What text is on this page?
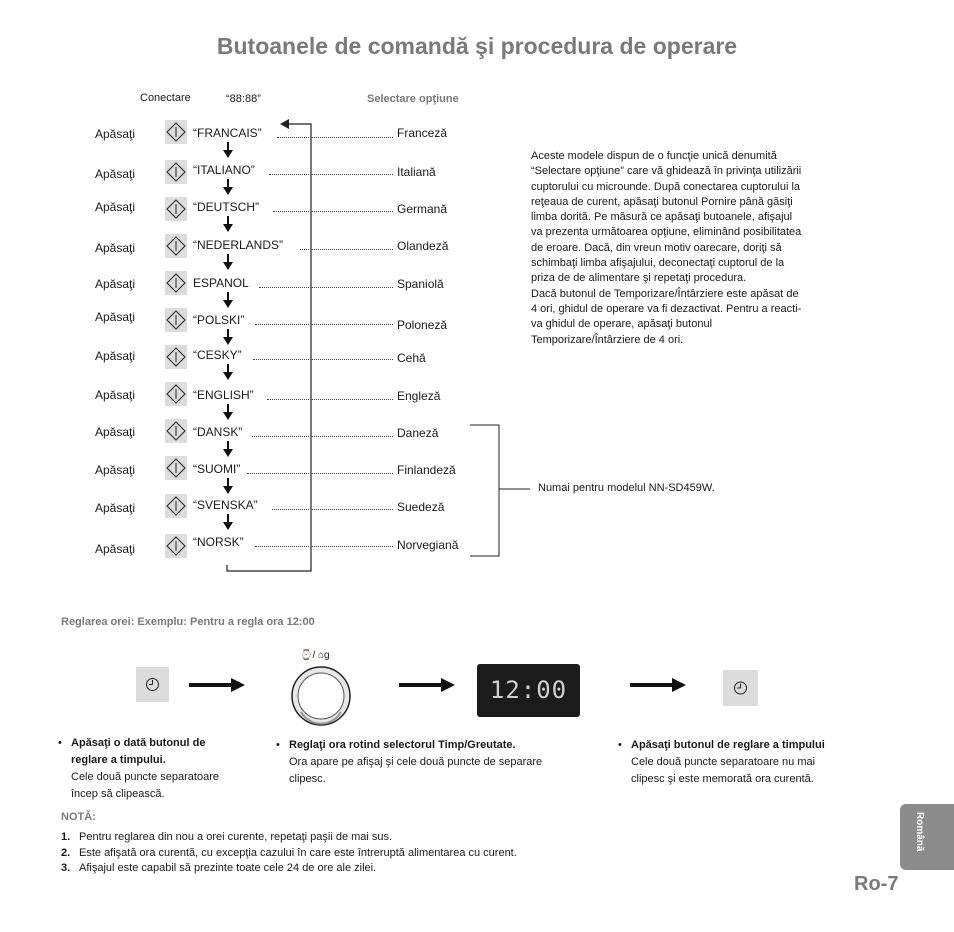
Butoanele de comandă şi procedura de operare
Conectare	“88:88”	Selectare opţiune
Apăsaţi	“FRANCAIS”	Franceză
Apăsaţi	“ITALIANO”	Italiană
Apăsaţi	“DEUTSCH”	Germană
Apăsaţi	“NEDERLANDS”	Olandeză
Apăsaţi	ESPANOL	Spaniolă
Apăsaţi	“POLSKI”	Poloneză
Apăsaţi	“CESKY”	Cehă
Apăsaţi	“ENGLISH”	Engleză
Apăsaţi	“DANSK”	Daneză
Apăsaţi	“SUOMI”	Finlandeză
Apăsaţi	“SVENSKA”	Suedeză
Apăsaţi	“NORSK”	Norvegiană
Aceste modele dispun de o funcţie unică denumită
“Selectare opţiune” care vă ghidează în privinţa utilizării
cuptorului cu microunde. După conectarea cuptorului la
reţeaua de curent, apăsaţi butonul Pornire până găsiţi
limba dorită. Pe măsură ce apăsaţi butoanele, afişajul
va prezenta următoarea opţiune, eliminând posibilitatea
de eroare. Dacă, din vreun motiv oarecare, doriţi să
schimbaţi limba afişajului, deconectaţi cuptorul de la
priza de de alimentare şi repetaţi procedura.
Dacă butonul de Temporizare/Întârziere este apăsat de
4 ori, ghidul de operare va fi dezactivat. Pentru a reacti-
va ghidul de operare, apăsaţi butonul
Temporizare/Întârziere de 4 ori.
Numai pentru modelul NN-SD459W.
Reglarea orei: Exemplu: Pentru a regla ora 12:00
⌚/ ⌂g
12:00
• Apăsaţi o dată butonul de
reglare a timpului.
Cele două puncte separatoare
încep să clipească.
• Reglaţi ora rotind selectorul Timp/Greutate.
Ora apare pe afişaj şi cele două puncte de separare
clipesc.
• Apăsaţi butonul de reglare a timpului
Cele două puncte separatoare nu mai
clipesc şi este memorată ora curentă.
NOTĂ:
1. Pentru reglarea din nou a orei curente, repetaţi paşii de mai sus.
2. Este afişată ora curentă, cu excepţia cazului în care este întreruptă alimentarea cu curent.
3. Afişajul este capabil să prezinte toate cele 24 de ore ale zilei.
Română
Ro-7
